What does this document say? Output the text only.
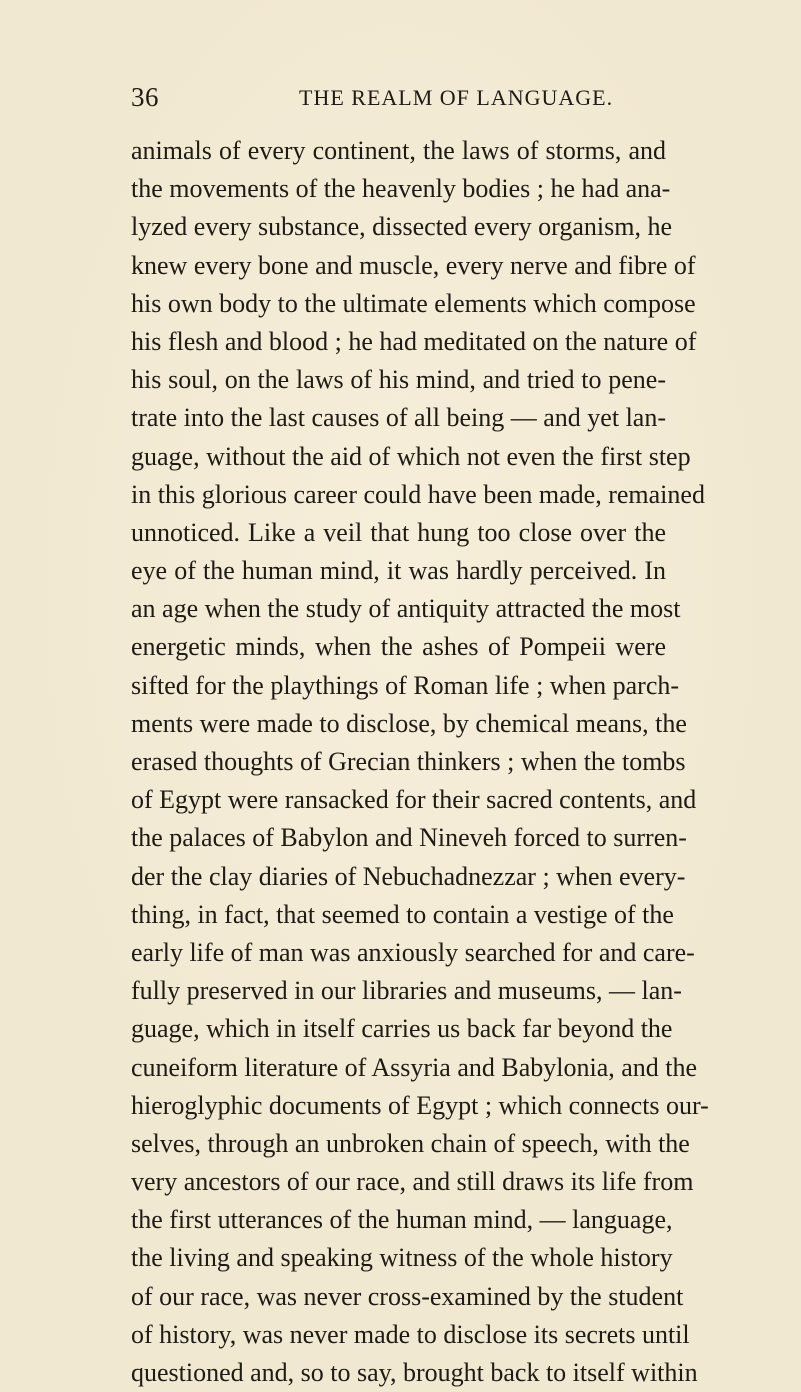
36	THE REALM OF LANGUAGE.
animals of every continent, the laws of storms, and
the movements of the heavenly bodies ; he had ana-
lyzed every substance, dissected every organism, he
knew every bone and muscle, every nerve and fibre of
his own body to the ultimate elements which compose
his flesh and blood ; he had meditated on the nature of
his soul, on the laws of his mind, and tried to pene-
trate into the last causes of all being — and yet lan-
guage, without the aid of which not even the first step
in this glorious career could have been made, remained
unnoticed. Like a veil that hung too close over the
eye of the human mind, it was hardly perceived. In
an age when the study of antiquity attracted the most
energetic minds, when the ashes of Pompeii were
sifted for the playthings of Roman life ; when parch-
ments were made to disclose, by chemical means, the
erased thoughts of Grecian thinkers ; when the tombs
of Egypt were ransacked for their sacred contents, and
the palaces of Babylon and Nineveh forced to surren-
der the clay diaries of Nebuchadnezzar ; when every-
thing, in fact, that seemed to contain a vestige of the
early life of man was anxiously searched for and care-
fully preserved in our libraries and museums, — lan-
guage, which in itself carries us back far beyond the
cuneiform literature of Assyria and Babylonia, and the
hieroglyphic documents of Egypt ; which connects our-
selves, through an unbroken chain of speech, with the
very ancestors of our race, and still draws its life from
the first utterances of the human mind, — language,
the living and speaking witness of the whole history
of our race, was never cross-examined by the student
of history, was never made to disclose its secrets until
questioned and, so to say, brought back to itself within
